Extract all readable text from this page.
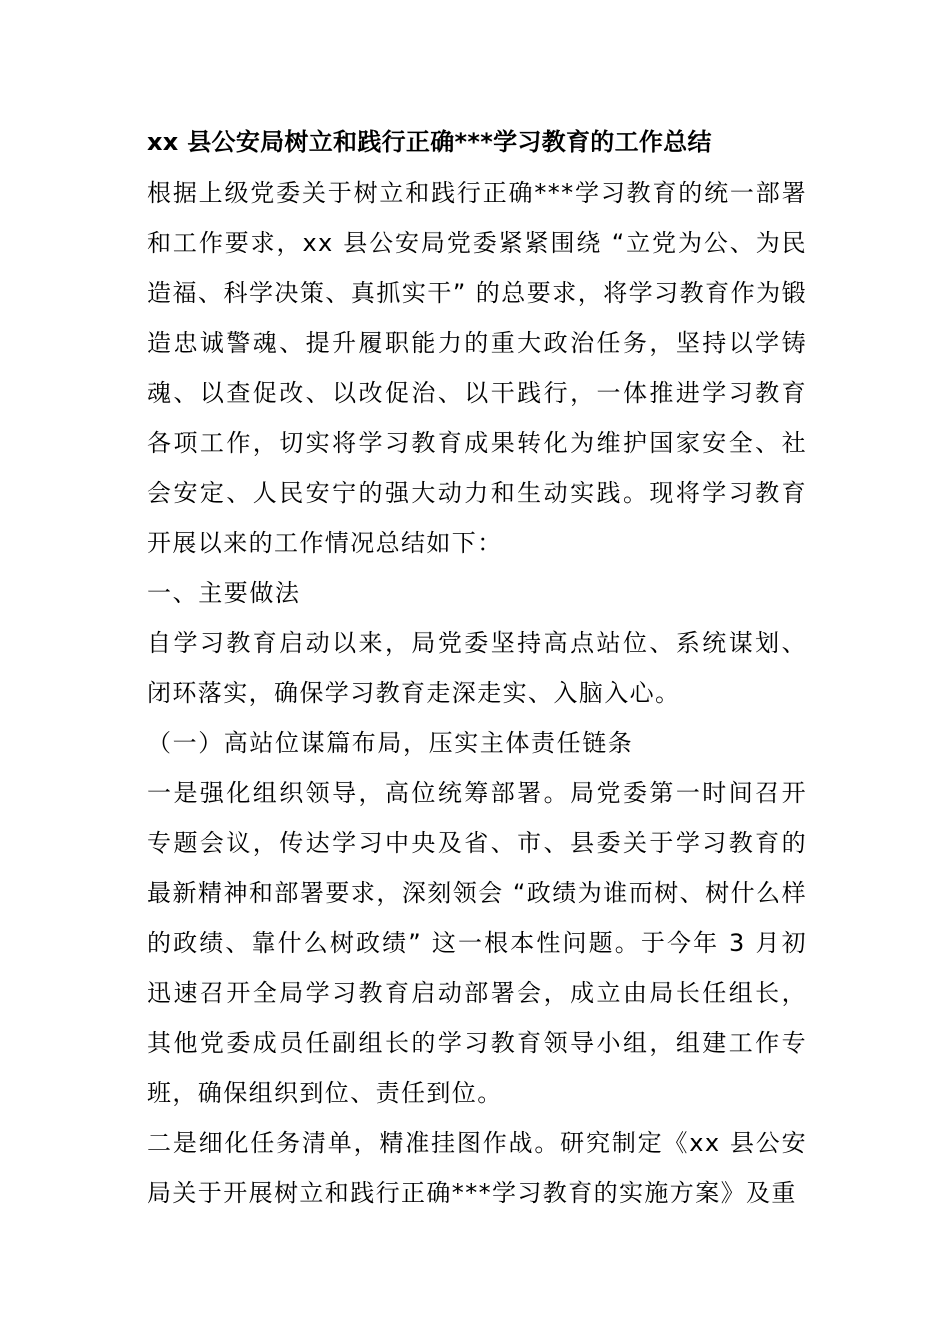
xx 县公安局树立和践行正确***学习教育的工作总结

根据上级党委关于树立和践行正确***学习教育的统一部署和工作要求，xx 县公安局党委紧紧围绕 “立党为公、为民造福、科学决策、真抓实干” 的总要求，将学习教育作为锻造忠诚警魂、提升履职能力的重大政治任务，坚持以学铸魂、以查促改、以改促治、以干践行，一体推进学习教育各项工作，切实将学习教育成果转化为维护国家安全、社会安定、人民安宁的强大动力和生动实践。现将学习教育开展以来的工作情况总结如下：

一、主要做法

自学习教育启动以来，局党委坚持高点站位、系统谋划、闭环落实，确保学习教育走深走实、入脑入心。

（一）高站位谋篇布局，压实主体责任链条

一是强化组织领导，高位统筹部署。局党委第一时间召开专题会议，传达学习中央及省、市、县委关于学习教育的最新精神和部署要求，深刻领会 “政绩为谁而树、树什么样的政绩、靠什么树政绩” 这一根本性问题。于今年 3 月初迅速召开全局学习教育启动部署会，成立由局长任组长，其他党委成员任副组长的学习教育领导小组，组建工作专班，确保组织到位、责任到位。

二是细化任务清单，精准挂图作战。研究制定《xx 县公安局关于开展树立和践行正确***学习教育的实施方案》及重
